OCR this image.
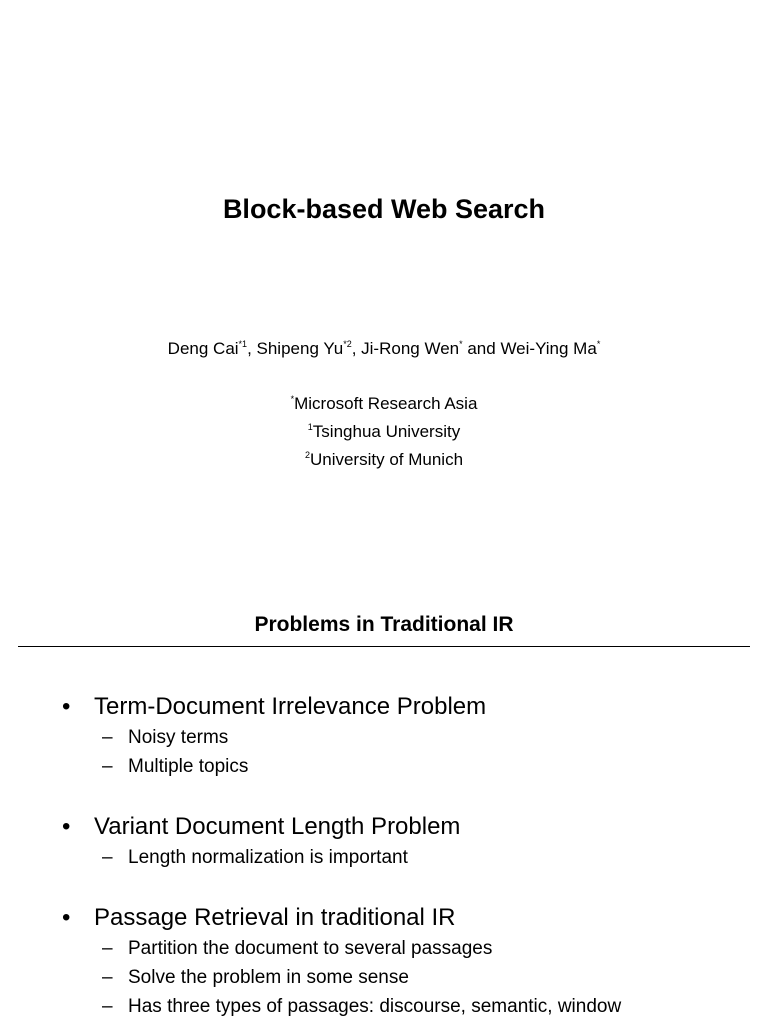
Block-based Web Search
Deng Cai$^{*1}$, Shipeng Yu$^{*2}$, Ji-Rong Wen* and Wei-Ying Ma*
*Microsoft Research Asia
$^1$Tsinghua University
$^2$University of Munich
Problems in Traditional IR
• Term-Document Irrelevance Problem
– Noisy terms
– Multiple topics
• Variant Document Length Problem
– Length normalization is important
• Passage Retrieval in traditional IR
– Partition the document to several passages
– Solve the problem in some sense
– Has three types of passages: discourse, semantic, window
